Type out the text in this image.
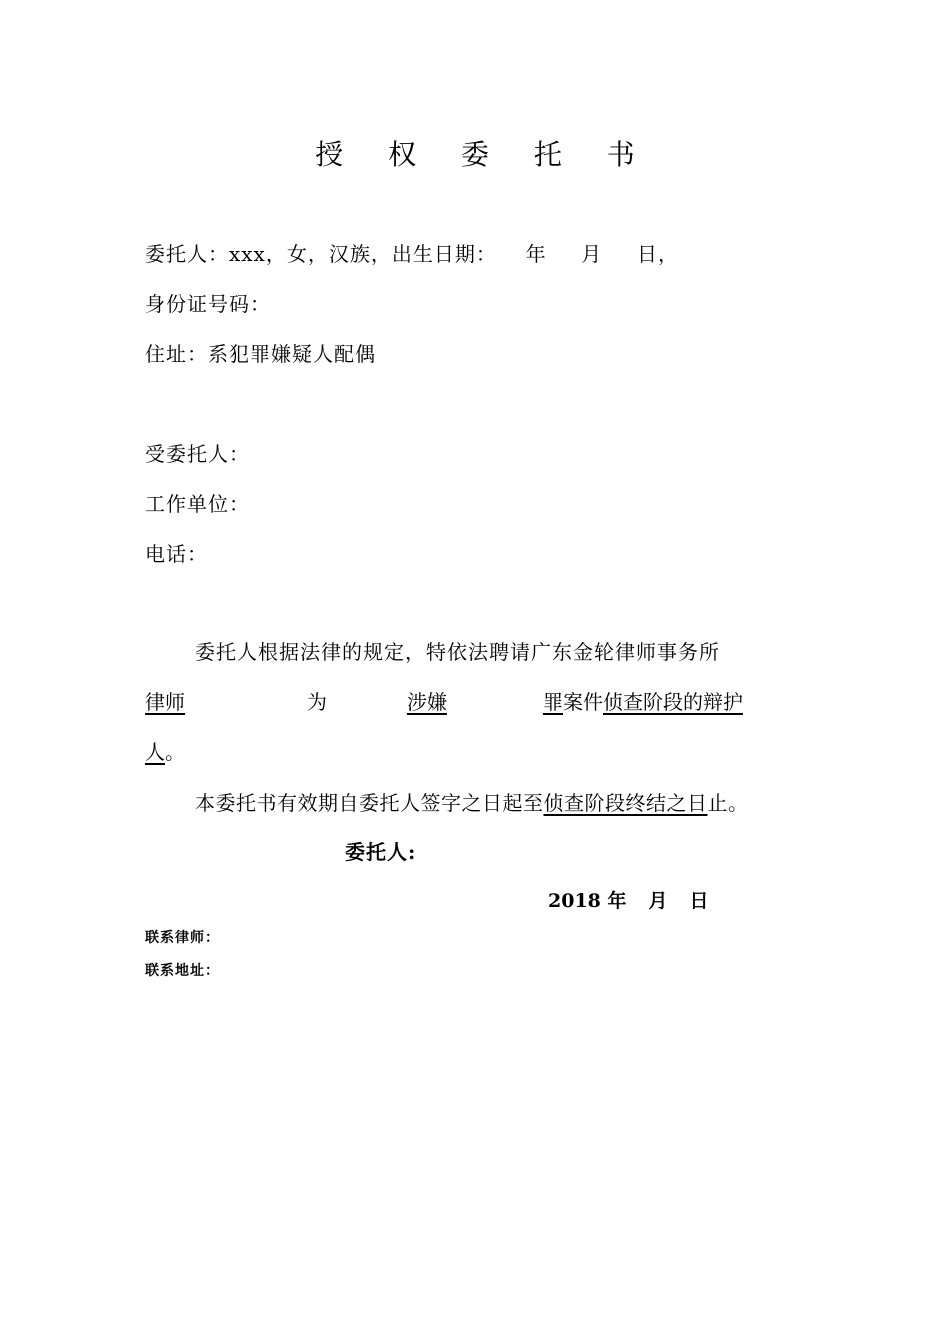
授 权 委 托 书
委托人：xxx，女，汉族，出生日期： 年  月  日，
身份证号码：
住址：系犯罪嫌疑人配偶
受委托人：
工作单位：
电话：
委托人根据法律的规定，特依法聘请广东金轮律师事务所
律师	为	涉嫌	罪案件侦查阶段的辩护
人。
本委托书有效期自委托人签字之日起至侦查阶段终结之日止。
委托人:
2018 年 月 日
联系律师：
联系地址：
